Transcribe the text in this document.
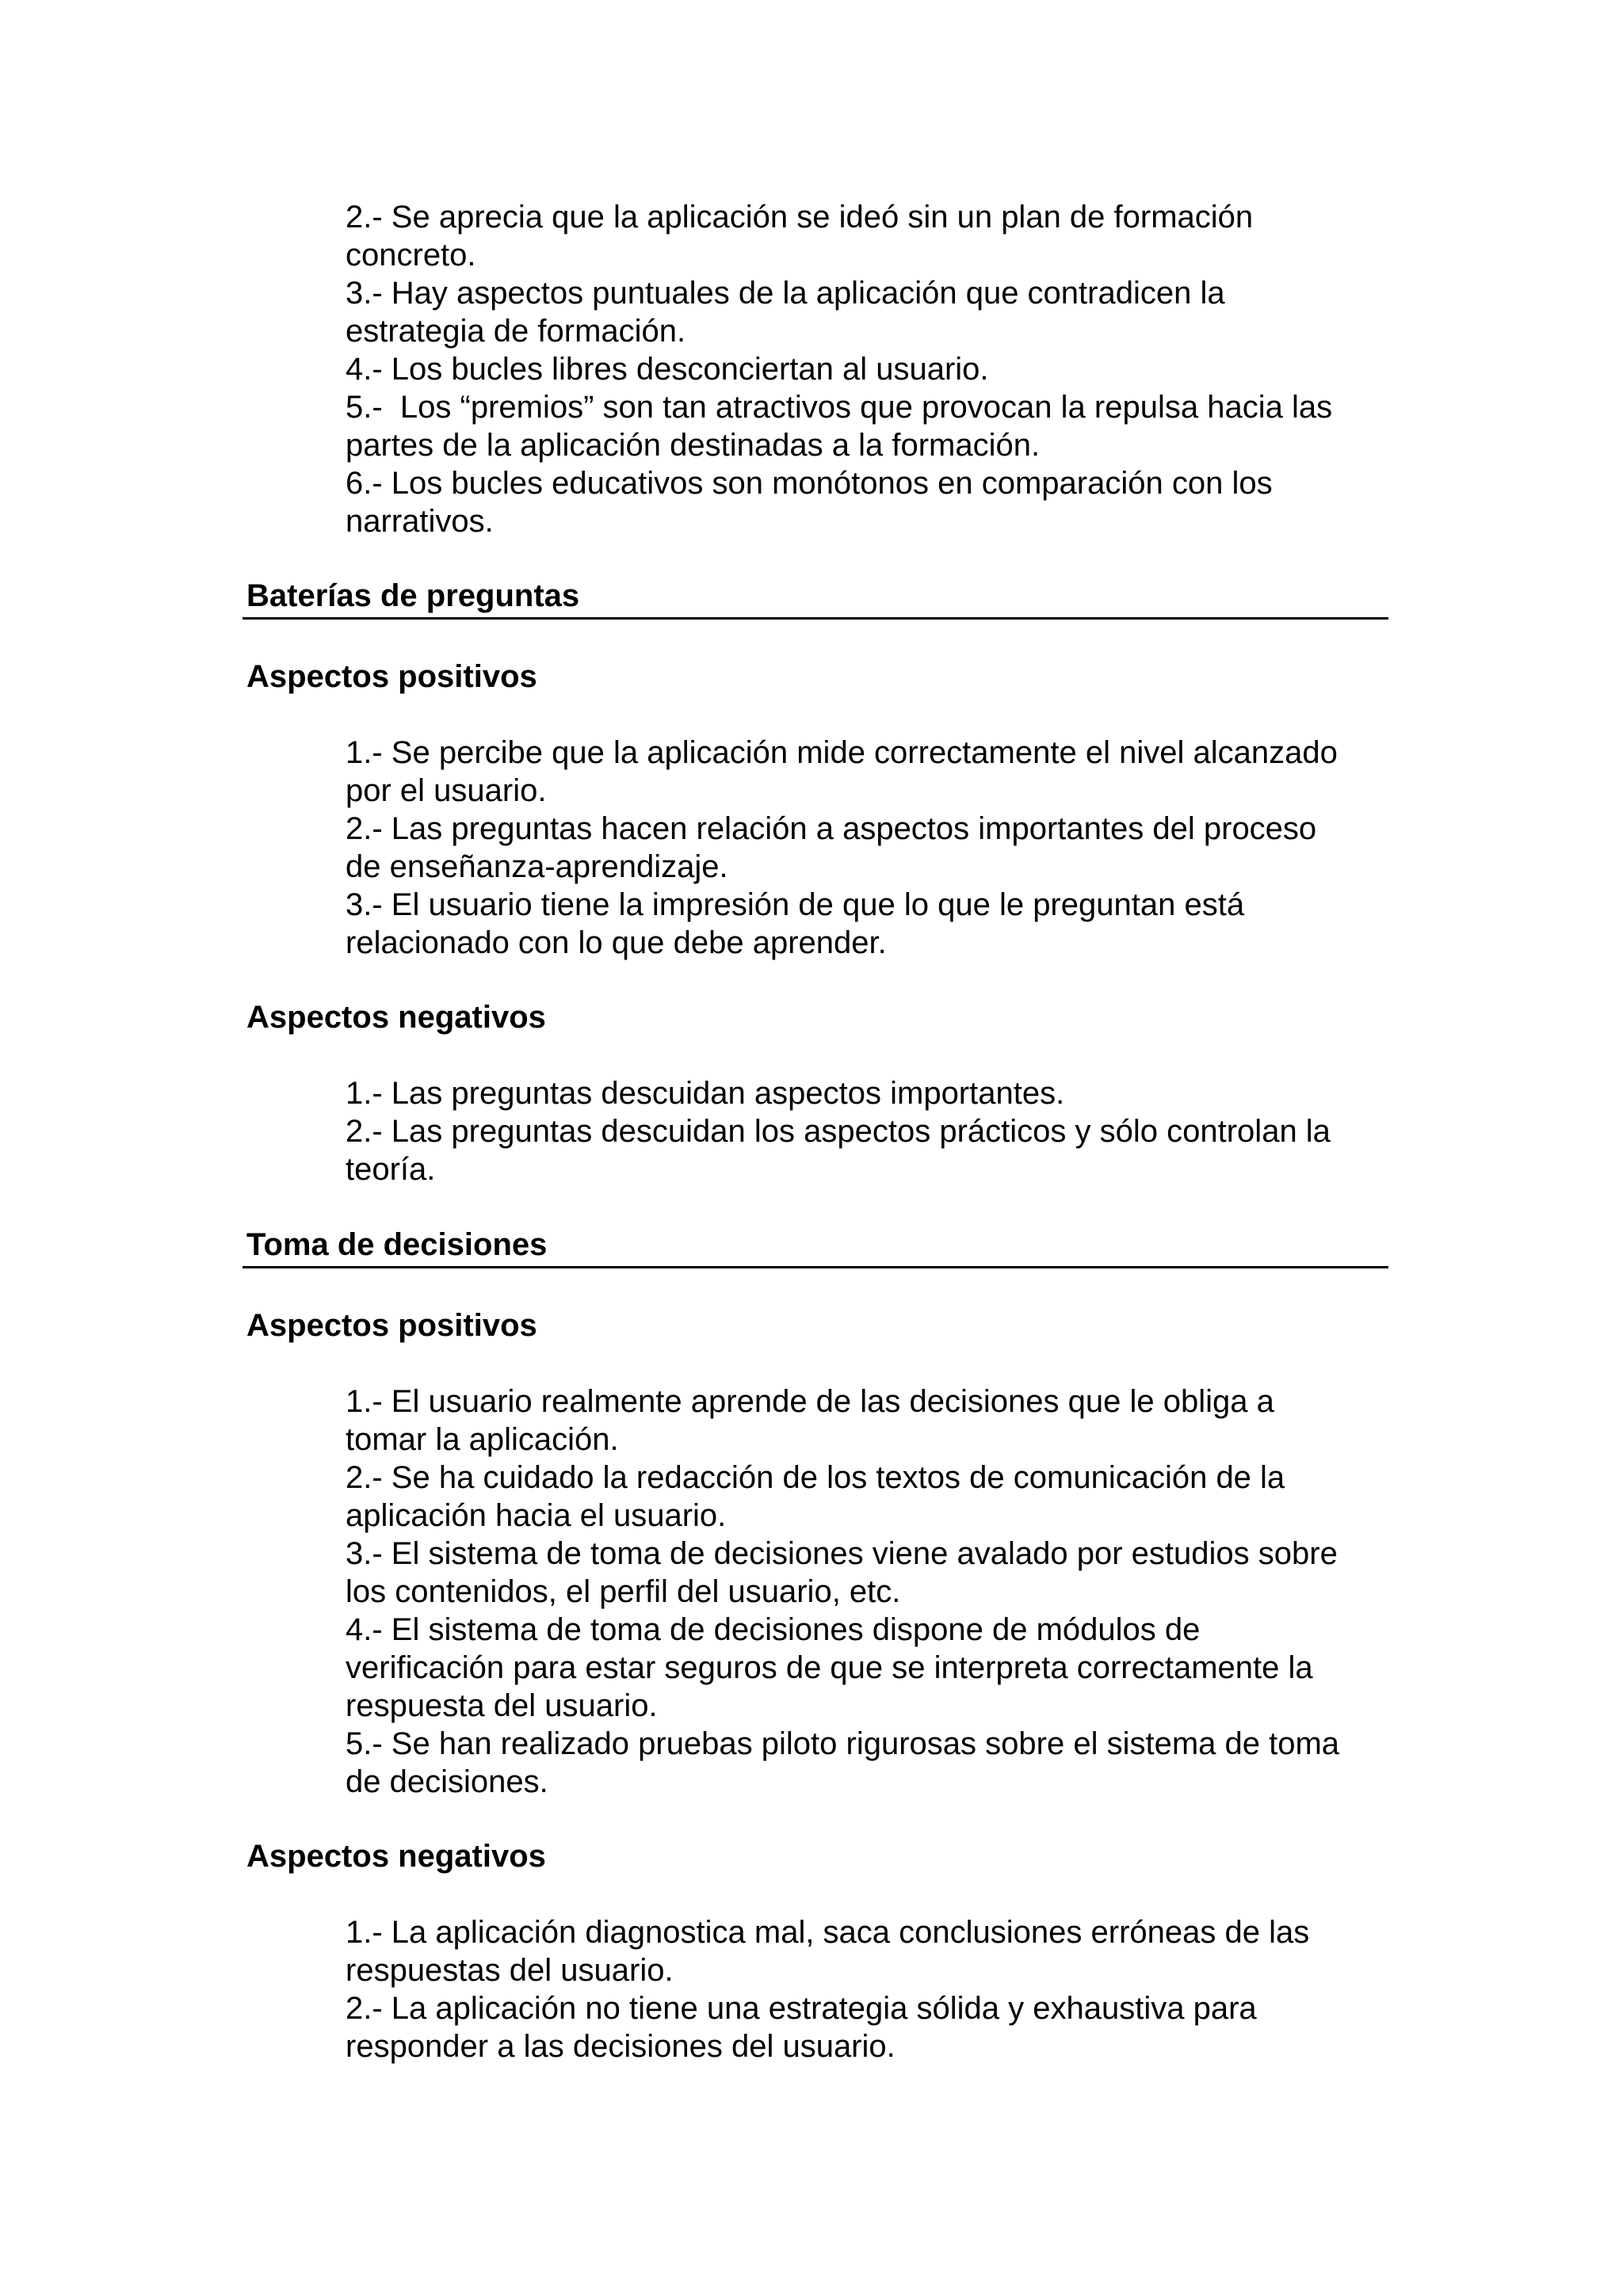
2.- Se aprecia que la aplicación se ideó sin un plan de formación
concreto.
3.- Hay aspectos puntuales de la aplicación que contradicen la
estrategia de formación.
4.- Los bucles libres desconciertan al usuario.
5.-  Los “premios” son tan atractivos que provocan la repulsa hacia las
partes de la aplicación destinadas a la formación.
6.- Los bucles educativos son monótonos en comparación con los
narrativos.
Baterías de preguntas
Aspectos positivos
1.- Se percibe que la aplicación mide correctamente el nivel alcanzado
por el usuario.
2.- Las preguntas hacen relación a aspectos importantes del proceso
de enseñanza-aprendizaje.
3.- El usuario tiene la impresión de que lo que le preguntan está
relacionado con lo que debe aprender.
Aspectos negativos
1.- Las preguntas descuidan aspectos importantes.
2.- Las preguntas descuidan los aspectos prácticos y sólo controlan la
teoría.
Toma de decisiones
Aspectos positivos
1.- El usuario realmente aprende de las decisiones que le obliga a
tomar la aplicación.
2.- Se ha cuidado la redacción de los textos de comunicación de la
aplicación hacia el usuario.
3.- El sistema de toma de decisiones viene avalado por estudios sobre
los contenidos, el perfil del usuario, etc.
4.- El sistema de toma de decisiones dispone de módulos de
verificación para estar seguros de que se interpreta correctamente la
respuesta del usuario.
5.- Se han realizado pruebas piloto rigurosas sobre el sistema de toma
de decisiones.
Aspectos negativos
1.- La aplicación diagnostica mal, saca conclusiones erróneas de las
respuestas del usuario.
2.- La aplicación no tiene una estrategia sólida y exhaustiva para
responder a las decisiones del usuario.
